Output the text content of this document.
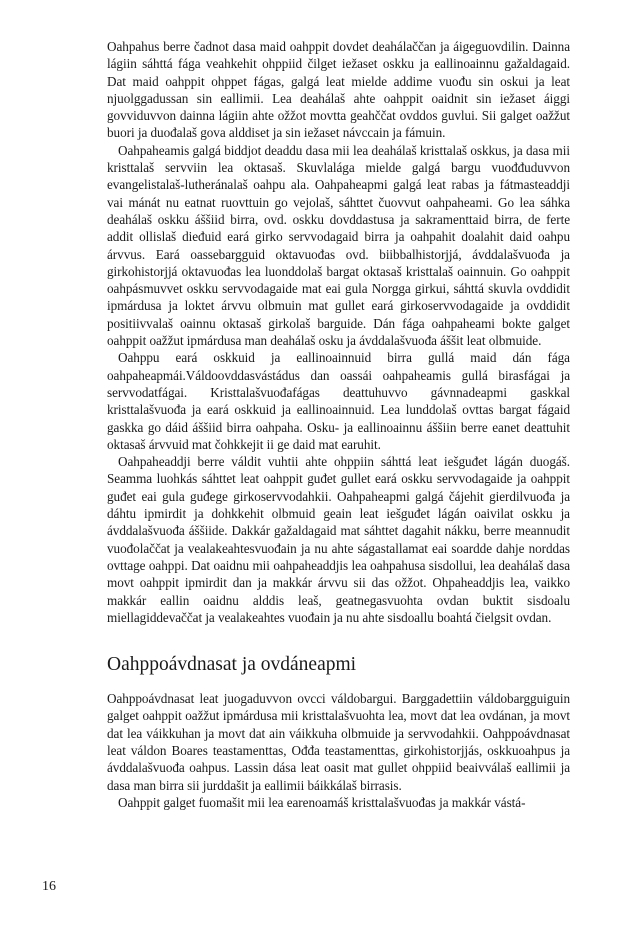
Oahpahus berre čadnot dasa maid oahppit dovdet deahálaččan ja áigeguovdilin. Dainna lágiin sáhttá fága veahkehit ohppiid čilget iežaset oskku ja eallinoainnu gažaldagaid. Dat maid oahppit ohppet fágas, galgá leat mielde addime vuođu sin oskui ja leat njuolggadussan sin eallimii. Lea deahálaš ahte oahppit oaidnit sin iežaset áiggi govviduvvon dainna lágiin ahte ožžot movtta geahččat ovddos guvlui. Sii galget oažžut buori ja duođalaš gova alddiset ja sin iežaset návccain ja fámuin.

Oahpaheamis galgá biddjot deaddu dasa mii lea deahálaš kristtalaš oskkus, ja dasa mii kristtalaš servviin lea oktasaš. Skuvlalága mielde galgá bargu vuođđuduvvon evangelistalaš-lutheránalaš oahpu ala. Oahpaheapmi galgá leat rabas ja fátmasteaddji vai mánát nu eatnat ruovttuin go vejolaš, sáhttet čuovvut oahpaheami. Go lea sáhka deahálaš oskku áššiid birra, ovd. oskku dovddastusa ja sakramenttaid birra, de ferte addit ollislaš dieđuid eará girko servvodagaid birra ja oahpahit doalahit daid oahpu árvvus. Eará oassebargguid oktavuođas ovd. biibbalhistorjjá, ávddalašvuođa ja girkohistorjjá oktavuođas lea luonddolaš bargat oktasaš kristtalaš oainnuin. Go oahppit oahpásmuvvet oskku servvodagaide mat eai gula Norgga girkui, sáhttá skuvla ovddidit ipmárdusa ja loktet árvvu olbmuin mat gullet eará girkoservvodagaide ja ovddidit positiivvalaš oainnu oktasaš girkolaš barguide. Dán fága oahpaheami bokte galget oahppit oažžut ipmárdusa man deahálaš osku ja ávddalašvuođa áššit leat olbmuide.

Oahppu eará oskkuid ja eallinoainnuid birra gullá maid dán fága oahpaheapmái.Váldoovddasvástádus dan oassái oahpaheamis gullá birasfágai ja servvodatfágai. Kristtalašvuođafágas deattuhuvvo gávnnadeapmi gaskkal kristtalašvuođa ja eará oskkuid ja eallinoainnuid. Lea lunddolaš ovttas bargat fágaid gaskka go dáid áššiid birra oahpaha. Osku- ja eallinoainnu áššiin berre eanet deattuhit oktasaš árvvuid mat čohkkejit ii ge daid mat earuhit.

Oahpaheaddji berre váldit vuhtii ahte ohppiin sáhttá leat iešguđet lágán duogáš. Seamma luohkás sáhttet leat oahppit guđet gullet eará oskku servvodagaide ja oahppit guđet eai gula guđege girkoservvodahkii. Oahpaheapmi galgá čájehit gierdilvuođa ja dáhtu ipmirdit ja dohkkehit olbmuid geain leat iešguđet lágán oaivilat oskku ja ávddalašvuođa áššiide. Dakkár gažaldagaid mat sáhttet dagahit nákku, berre meannudit vuođolaččat ja vealakeahtesvuođain ja nu ahte ságastallamat eai soardde dahje norddas ovttage oahppi. Dat oaidnu mii oahpaheaddjis lea oahpahusa sisdollui, lea deahálaš dasa movt oahppit ipmirdit dan ja makkár árvvu sii das ožžot. Ohpaheaddjis lea, vaikko makkár eallin oaidnu alddis leaš, geatnegasvuohta ovdan buktit sisdoalu miellagiddevaččat ja vealakeahtes vuođain ja nu ahte sisdoallu boahtá čielgsit ovdan.

Oahppoávdnasat ja ovdáneapmi

Oahppoávdnasat leat juogaduvvon ovcci váldobargui. Barggadettiin váldobargguiguin galget oahppit oažžut ipmárdusa mii kristtalašvuohta lea, movt dat lea ovdánan, ja movt dat lea váikkuhan ja movt dat ain váikkuha olbmuide ja servvodahkii. Oahppoávdnasat leat váldon Boares teastamenttas, Ođđa teastamenttas, girkohistorjjás, oskkuoahpus ja ávddalašvuođa oahpus. Lassin dása leat oasit mat gullet ohppiid beaivválaš eallimii ja dasa man birra sii jurddašit ja eallimii báikkálaš birrasis.

Oahppit galget fuomašit mii lea earenoamáš kristtalašvuođas ja makkár vástá-

16
